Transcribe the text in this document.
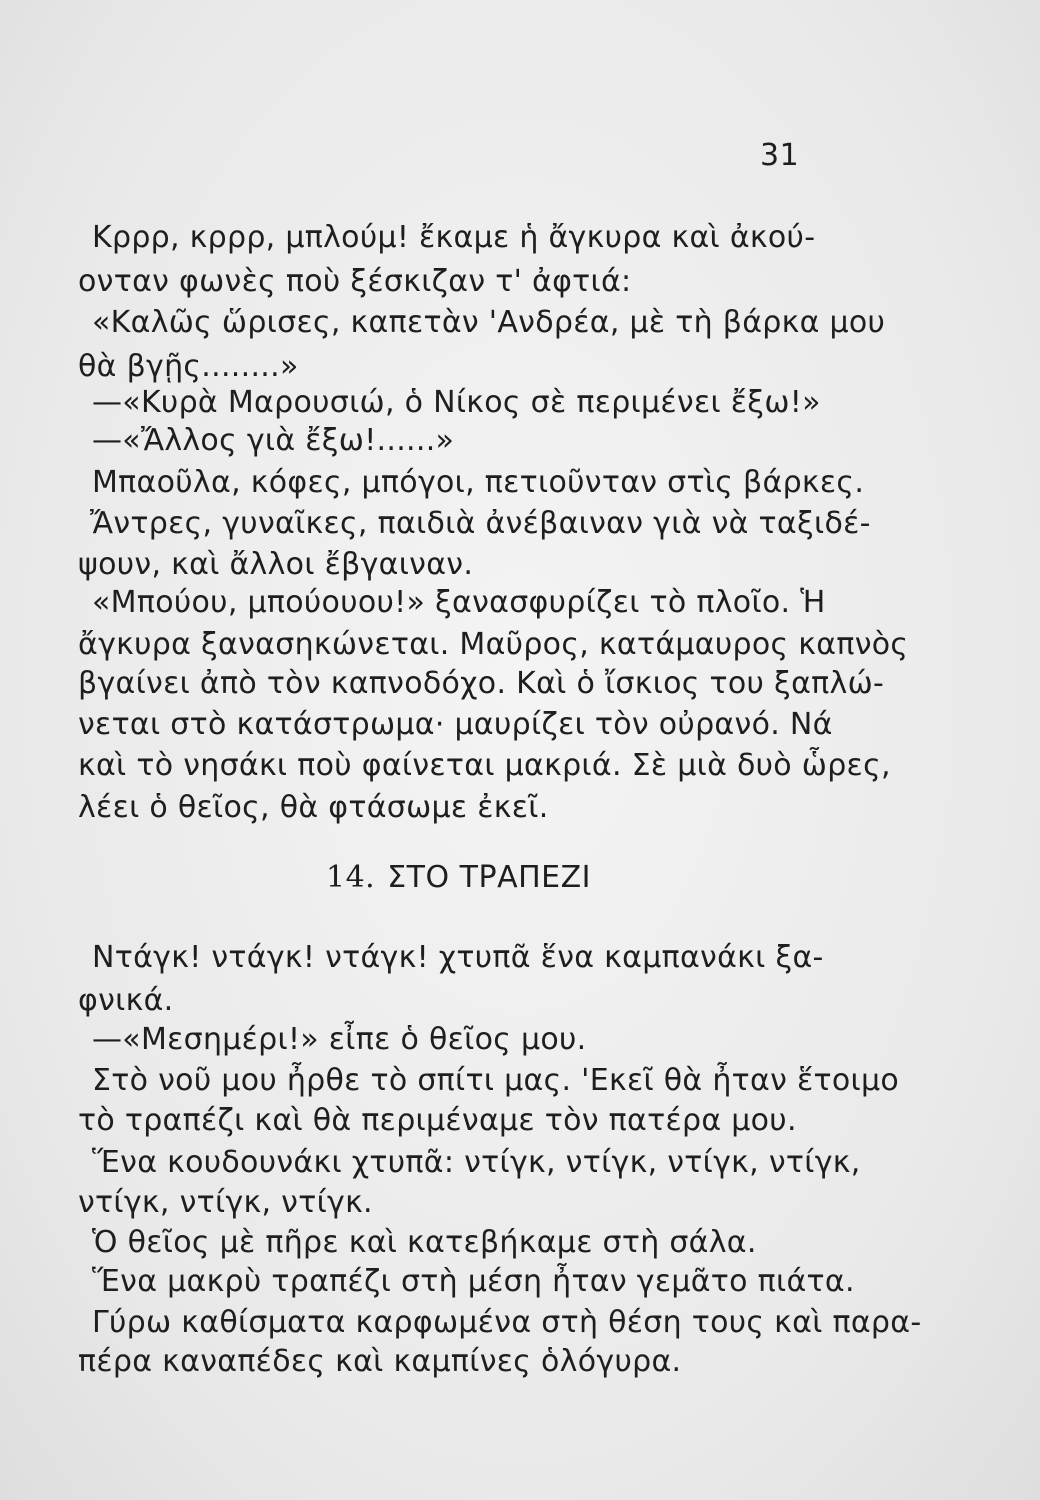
31
Κρρρ, κρρρ, μπλούμ! ἔκαμε ἡ ἄγκυρα καὶ ἀκού-
ονταν φωνὲς ποὺ ξέσκιζαν τ' ἀφτιά:
«Καλῶς ὥρισες, καπετὰν 'Ανδρέα, μὲ τὴ βάρκα μου
θὰ βγῇς........»
—«Κυρὰ Μαρουσιώ, ὁ Νίκος σὲ περιμένει ἔξω!»
—«Ἄλλος γιὰ ἔξω!......»
Μπαοῦλα, κόφες, μπόγοι, πετιοῦνταν στὶς βάρκες.
Ἄντρες, γυναῖκες, παιδιὰ ἀνέβαιναν γιὰ νὰ ταξιδέ-
ψουν, καὶ ἄλλοι ἔβγαιναν.
«Μπούου, μπούουου!» ξανασφυρίζει τὸ πλοῖο. Ἡ
ἄγκυρα ξανασηκώνεται. Μαῦρος, κατάμαυρος καπνὸς
βγαίνει ἀπὸ τὸν καπνοδόχο. Καὶ ὁ ἴσκιος του ξαπλώ-
νεται στὸ κατάστρωμα· μαυρίζει τὸν οὐρανό. Νά
καὶ τὸ νησάκι ποὺ φαίνεται μακριά. Σὲ μιὰ δυὸ ὧρες,
λέει ὁ θεῖος, θὰ φτάσωμε ἐκεῖ.
14. ΣΤΟ ΤΡΑΠΕΖΙ
Ντάγκ! ντάγκ! ντάγκ! χτυπᾶ ἕνα καμπανάκι ξα-
φνικά.
—«Μεσημέρι!» εἶπε ὁ θεῖος μου.
Στὸ νοῦ μου ἦρθε τὸ σπίτι μας. 'Εκεῖ θὰ ἦταν ἕτοιμο
τὸ τραπέζι καὶ θὰ περιμέναμε τὸν πατέρα μου.
Ἕνα κουδουνάκι χτυπᾶ: ντίγκ, ντίγκ, ντίγκ, ντίγκ,
ντίγκ, ντίγκ, ντίγκ.
Ὁ θεῖος μὲ πῆρε καὶ κατεβήκαμε στὴ σάλα.
Ἕνα μακρὺ τραπέζι στὴ μέση ἦταν γεμᾶτο πιάτα.
Γύρω καθίσματα καρφωμένα στὴ θέση τους καὶ παρα-
πέρα καναπέδες καὶ καμπίνες ὁλόγυρα.
